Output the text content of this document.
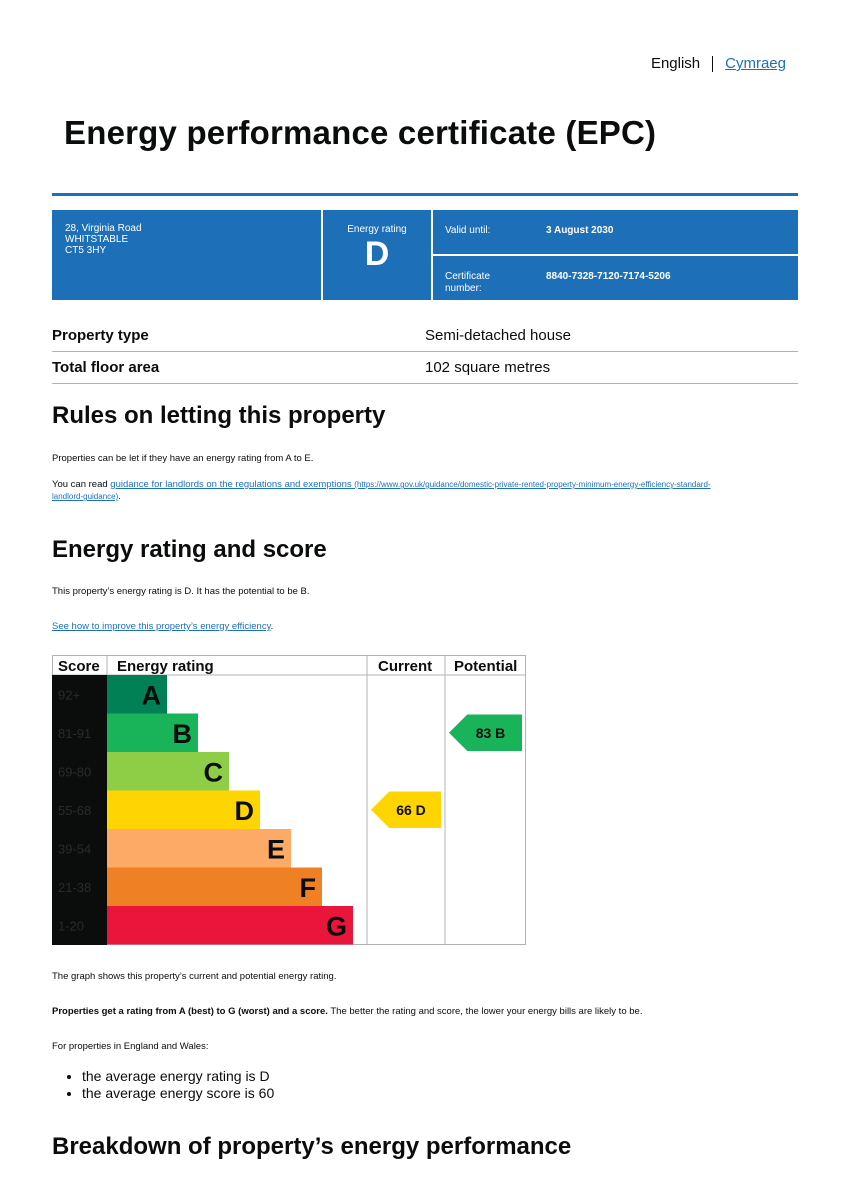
English Cymraeg
Energy performance certificate (EPC)
28, Virginia Road
WHITSTABLE
CT5 3HY
Energy rating
D
Valid until:	3 August 2030
Certificate
number:
8840-7328-7120-7174-5206
Property type	Semi-detached house
Total floor area	102 square metres
Rules on letting this property
Properties can be let if they have an energy rating from A to E.
You can read guidance for landlords on the regulations and exemptions (https://www.gov.uk/guidance/domestic-private-rented-property-minimum-energy-efficiency-standard-
landlord-guidance).
Energy rating and score
This property’s energy rating is D. It has the potential to be B.
See how to improve this property’s energy efficiency.
Score Energy rating	Current Potential
92+ A
81-91	B
69-80	C
55-68	D
39-54	E
21-38	F
1-20	G
66 D
83 B
The graph shows this property’s current and potential energy rating.
Properties get a rating from A (best) to G (worst) and a score. The better the rating and score, the lower your energy bills are likely to be.
For properties in England and Wales:
• the average energy rating is D
• the average energy score is 60
Breakdown of property’s energy performance
